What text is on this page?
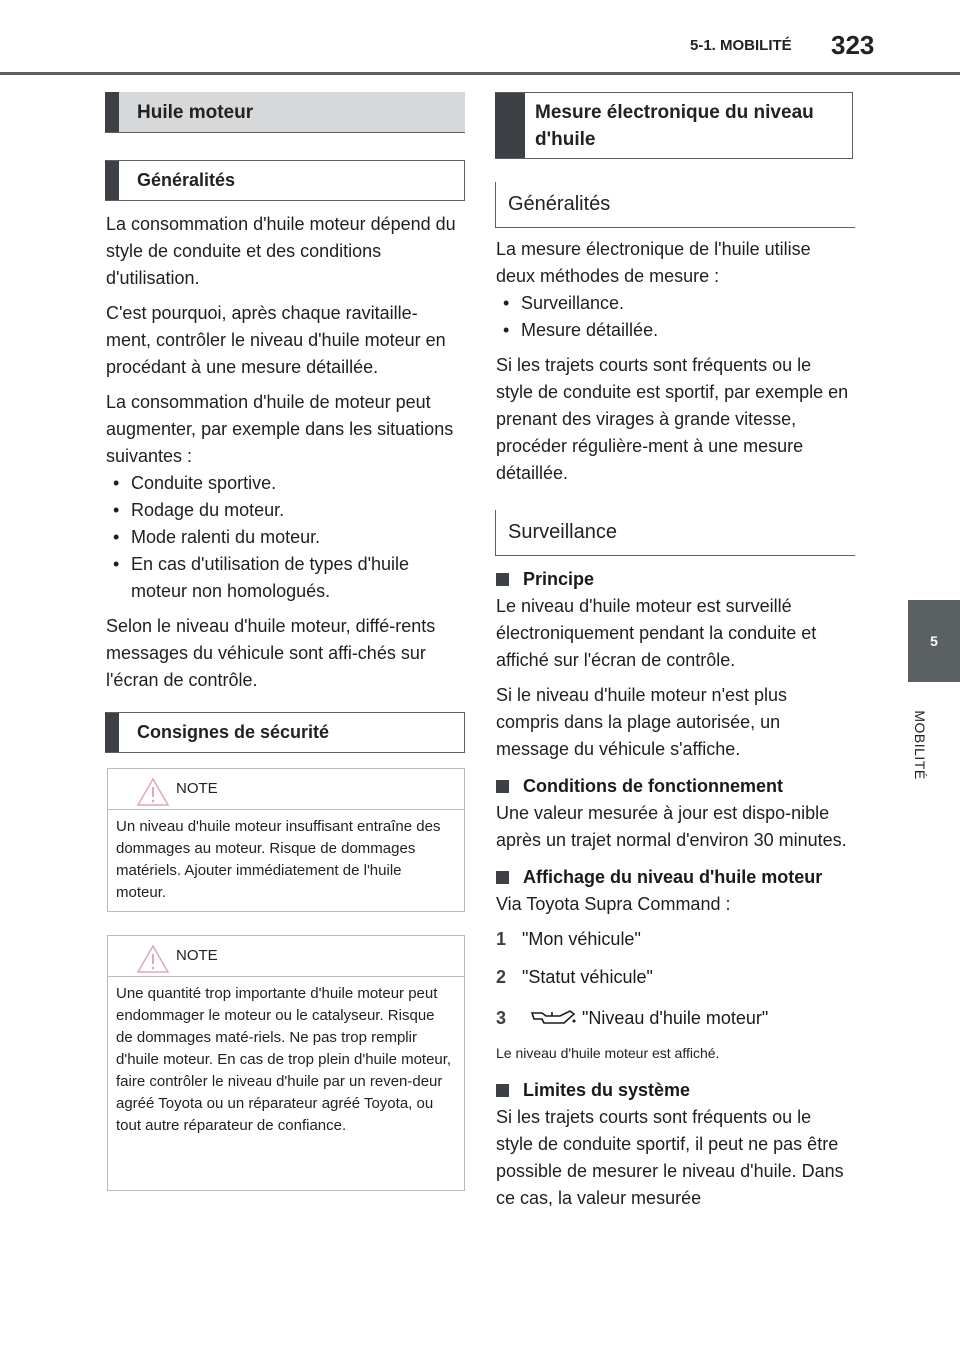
5-1. MOBILITÉ 323
5
MOBILITÉ
Huile moteur
Généralités
La consommation d'huile moteur dépend du style de conduite et des conditions d'utilisation.
C'est pourquoi, après chaque ravitaille-ment, contrôler le niveau d'huile moteur en procédant à une mesure détaillée.
La consommation d'huile de moteur peut augmenter, par exemple dans les situations suivantes :
• Conduite sportive.
• Rodage du moteur.
• Mode ralenti du moteur.
• En cas d'utilisation de types d'huile moteur non homologués.
Selon le niveau d'huile moteur, diffé-rents messages du véhicule sont affi-chés sur l'écran de contrôle.
Consignes de sécurité
NOTE
Un niveau d'huile moteur insuffisant entraîne des dommages au moteur. Risque de dommages matériels. Ajouter immédiatement de l'huile moteur.
NOTE
Une quantité trop importante d'huile moteur peut endommager le moteur ou le catalyseur. Risque de dommages maté-riels. Ne pas trop remplir d'huile moteur. En cas de trop plein d'huile moteur, faire contrôler le niveau d'huile par un reven-deur agréé Toyota ou un réparateur agréé Toyota, ou tout autre réparateur de confiance.
Mesure électronique du niveau d'huile
Généralités
La mesure électronique de l'huile utilise deux méthodes de mesure :
• Surveillance.
• Mesure détaillée.
Si les trajets courts sont fréquents ou le style de conduite est sportif, par exemple en prenant des virages à grande vitesse, procéder régulière-ment à une mesure détaillée.
Surveillance
Principe
Le niveau d'huile moteur est surveillé électroniquement pendant la conduite et affiché sur l'écran de contrôle.
Si le niveau d'huile moteur n'est plus compris dans la plage autorisée, un message du véhicule s'affiche.
Conditions de fonctionnement
Une valeur mesurée à jour est dispo-nible après un trajet normal d'environ 30 minutes.
Affichage du niveau d'huile moteur
Via Toyota Supra Command :
1 "Mon véhicule"
2 "Statut véhicule"
3	"Niveau d'huile moteur"
Le niveau d'huile moteur est affiché.
Limites du système
Si les trajets courts sont fréquents ou le style de conduite sportif, il peut ne pas être possible de mesurer le niveau d'huile. Dans ce cas, la valeur mesurée
